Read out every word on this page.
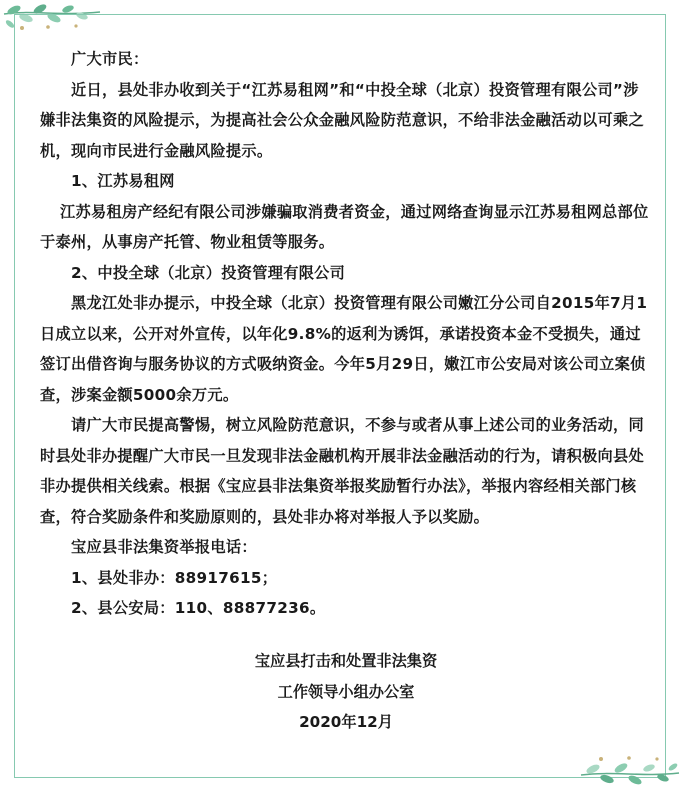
广大市民：

近日，县处非办收到关于“江苏易租网”和“中投全球（北京）投资管理有限公司”涉嫌非法集资的风险提示，为提高社会公众金融风险防范意识，不给非法金融活动以可乘之机，现向市民进行金融风险提示。

1、江苏易租网

江苏易租房产经纪有限公司涉嫌骗取消费者资金，通过网络查询显示江苏易租网总部位于泰州，从事房产托管、物业租赁等服务。

2、中投全球（北京）投资管理有限公司

黑龙江处非办提示，中投全球（北京）投资管理有限公司嫩江分公司自2015年7月1日成立以来，公开对外宣传，以年化9.8%的返利为诱饵，承诺投资本金不受损失，通过签订出借咨询与服务协议的方式吸纳资金。今年5月29日，嫩江市公安局对该公司立案侦查，涉案金额5000余万元。

请广大市民提高警惕，树立风险防范意识，不参与或者从事上述公司的业务活动，同时县处非办提醒广大市民一旦发现非法金融机构开展非法金融活动的行为，请积极向县处非办提供相关线索。根据《宝应县非法集资举报奖励暂行办法》，举报内容经相关部门核查，符合奖励条件和奖励原则的，县处非办将对举报人予以奖励。

宝应县非法集资举报电话：

1、县处非办：88917615；

2、县公安局：110、88877236。

宝应县打击和处置非法集资

工作领导小组办公室

2020年12月
